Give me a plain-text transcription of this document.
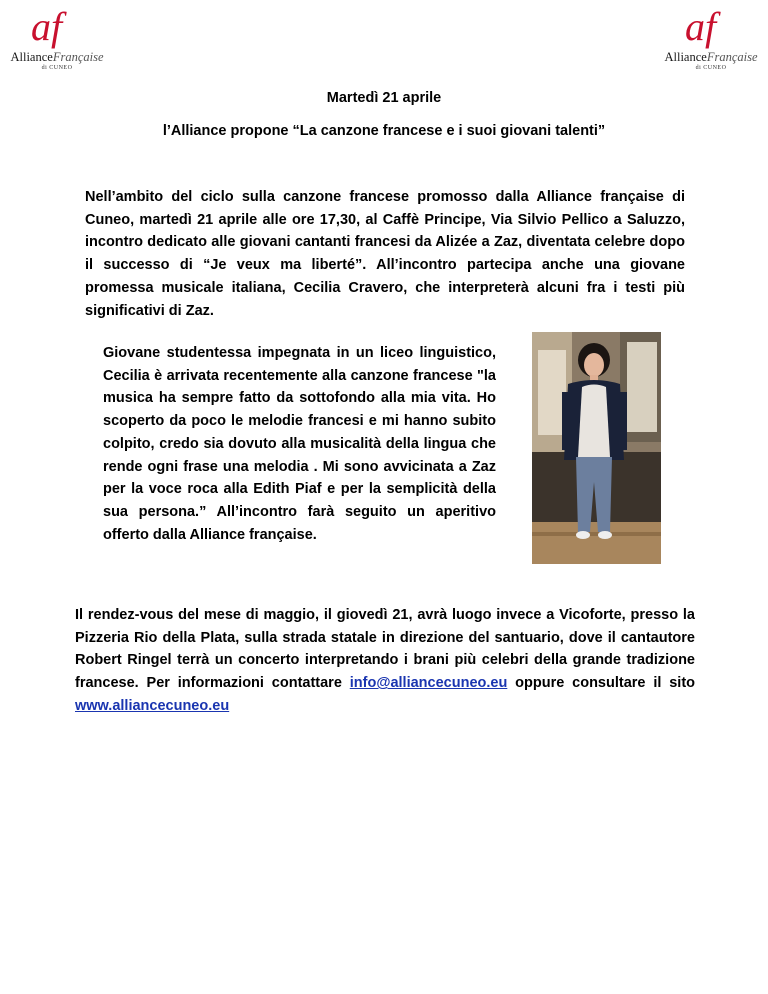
af
AllianceFrançaise
di CUNEO
af
AllianceFrançaise
di CUNEO
Martedì 21 aprile
l’Alliance propone “La canzone francese e i suoi giovani talenti”
Nell’ambito del ciclo sulla canzone francese promosso dalla Alliance française di Cuneo, martedì 21 aprile alle ore 17,30, al Caffè Principe, Via Silvio Pellico a Saluzzo, incontro dedicato alle giovani cantanti francesi da Alizée a Zaz, diventata celebre dopo il successo di “Je veux ma liberté”. All’incontro partecipa anche una giovane promessa musicale italiana, Cecilia Cravero, che interpreterà alcuni fra i testi più significativi di Zaz.
Giovane studentessa impegnata in un liceo linguistico, Cecilia è arrivata recentemente alla canzone francese "la musica ha sempre fatto da sottofondo alla mia vita. Ho scoperto da poco le melodie francesi e mi hanno subito colpito, credo sia dovuto alla musicalità della lingua che rende ogni frase una melodia . Mi sono avvicinata a Zaz per la voce roca alla Edith Piaf e per la semplicità della sua persona.” All’incontro farà seguito un aperitivo offerto dalla Alliance française.
Il rendez-vous del mese di maggio, il giovedì 21, avrà luogo invece a Vicoforte, presso la Pizzeria Rio della Plata, sulla strada statale in direzione del santuario, dove il cantautore Robert Ringel terrà un concerto interpretando i brani più celebri della grande tradizione francese. Per informazioni contattare info@alliancecuneo.eu oppure consultare il sito www.alliancecuneo.eu
